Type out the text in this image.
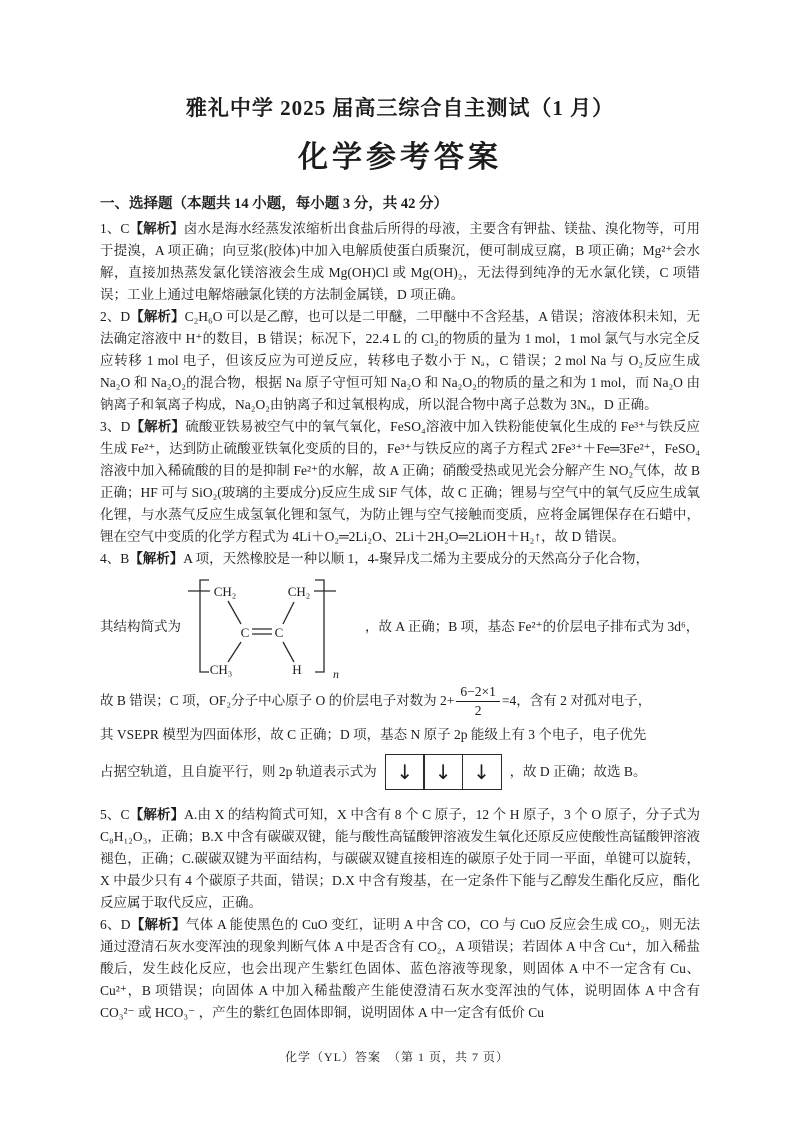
雅礼中学 2025 届高三综合自主测试（1 月）
化学参考答案
一、选择题（本题共 14 小题，每小题 3 分，共 42 分）

1、C【解析】卤水是海水经蒸发浓缩析出食盐后所得的母液，主要含有钾盐、镁盐、溴化物等，可用于提溴，A 项正确；向豆浆(胶体)中加入电解质使蛋白质聚沉，便可制成豆腐，B 项正确；Mg²⁺会水解，直接加热蒸发氯化镁溶液会生成 Mg(OH)Cl 或 Mg(OH)₂，无法得到纯净的无水氯化镁，C 项错误；工业上通过电解熔融氯化镁的方法制金属镁，D 项正确。

2、D【解析】C₂H₆O 可以是乙醇，也可以是二甲醚，二甲醚中不含羟基，A 错误；溶液体积未知，无法确定溶液中 H⁺的数目，B 错误；标况下，22.4 L 的 Cl₂的物质的量为 1 mol，1 mol 氯气与水完全反应转移 1 mol 电子，但该反应为可逆反应，转移电子数小于 Nₐ，C 错误；2 mol Na 与 O₂反应生成 Na₂O 和 Na₂O₂的混合物，根据 Na 原子守恒可知 Na₂O 和 Na₂O₂的物质的量之和为 1 mol，而 Na₂O 由钠离子和氧离子构成，Na₂O₂由钠离子和过氧根构成，所以混合物中离子总数为 3Nₐ，D 正确。

3、D【解析】硫酸亚铁易被空气中的氧气氧化，FeSO₄溶液中加入铁粉能使氧化生成的 Fe³⁺与铁反应生成 Fe²⁺，达到防止硫酸亚铁氧化变质的目的，Fe³⁺与铁反应的离子方程式 2Fe³⁺＋Fe═3Fe²⁺，FeSO₄溶液中加入稀硫酸的目的是抑制 Fe²⁺的水解，故 A 正确；硝酸受热或见光会分解产生 NO₂气体，故 B 正确；HF 可与 SiO₂(玻璃的主要成分)反应生成 SiF 气体，故 C 正确；锂易与空气中的氧气反应生成氧化锂，与水蒸气反应生成氢氧化锂和氢气，为防止锂与空气接触而变质，应将金属锂保存在石蜡中，锂在空气中变质的化学方程式为 4Li＋O₂═2Li₂O、2Li＋2H₂O═2LiOH＋H₂↑，故 D 错误。

4、B【解析】A 项，天然橡胶是一种以顺 1，4-聚异戊二烯为主要成分的天然高分子化合物，

其结构简式为
CH₂	CH₂
C C
CH₃	H	n
，故 A 正确；B 项，基态 Fe²⁺的价层电子排布式为 3d⁶，
故 B 错误；C 项，OF₂分子中心原子 O 的价层电子对数为 $2+ \frac{6-2\times 1}{2} =4$，含有 2 对孤对电子，

其 VSEPR 模型为四面体形，故 C 正确；D 项，基态 N 原子 2p 能级上有 3 个电子，电子优先

占据空轨道，且自旋平行，则 2p 轨道表示式为 ↓	↓	↓	，故 D 正确；故选 B。

5、C【解析】A.由 X 的结构简式可知，X 中含有 8 个 C 原子，12 个 H 原子，3 个 O 原子，分子式为 C₈H₁₂O₃，正确；B.X 中含有碳碳双键，能与酸性高锰酸钾溶液发生氧化还原反应使酸性高锰酸钾溶液褪色，正确；C.碳碳双键为平面结构，与碳碳双键直接相连的碳原子处于同一平面，单键可以旋转，X 中最少只有 4 个碳原子共面，错误；D.X 中含有羧基，在一定条件下能与乙醇发生酯化反应，酯化反应属于取代反应，正确。

6、D【解析】气体 A 能使黑色的 CuO 变红，证明 A 中含 CO，CO 与 CuO 反应会生成 CO₂，则无法通过澄清石灰水变浑浊的现象判断气体 A 中是否含有 CO₂，A 项错误；若固体 A 中含 Cu⁺，加入稀盐酸后，发生歧化反应，也会出现产生紫红色固体、蓝色溶液等现象，则固体 A 中不一定含有 Cu、Cu²⁺，B 项错误；向固体 A 中加入稀盐酸产生能使澄清石灰水变浑浊的气体，说明固体 A 中含有 CO₃²⁻ 或 HCO₃⁻ ，产生的紫红色固体即铜，说明固体 A 中一定含有低价 Cu

化学（YL）答案　（第 1 页，共 7 页）
